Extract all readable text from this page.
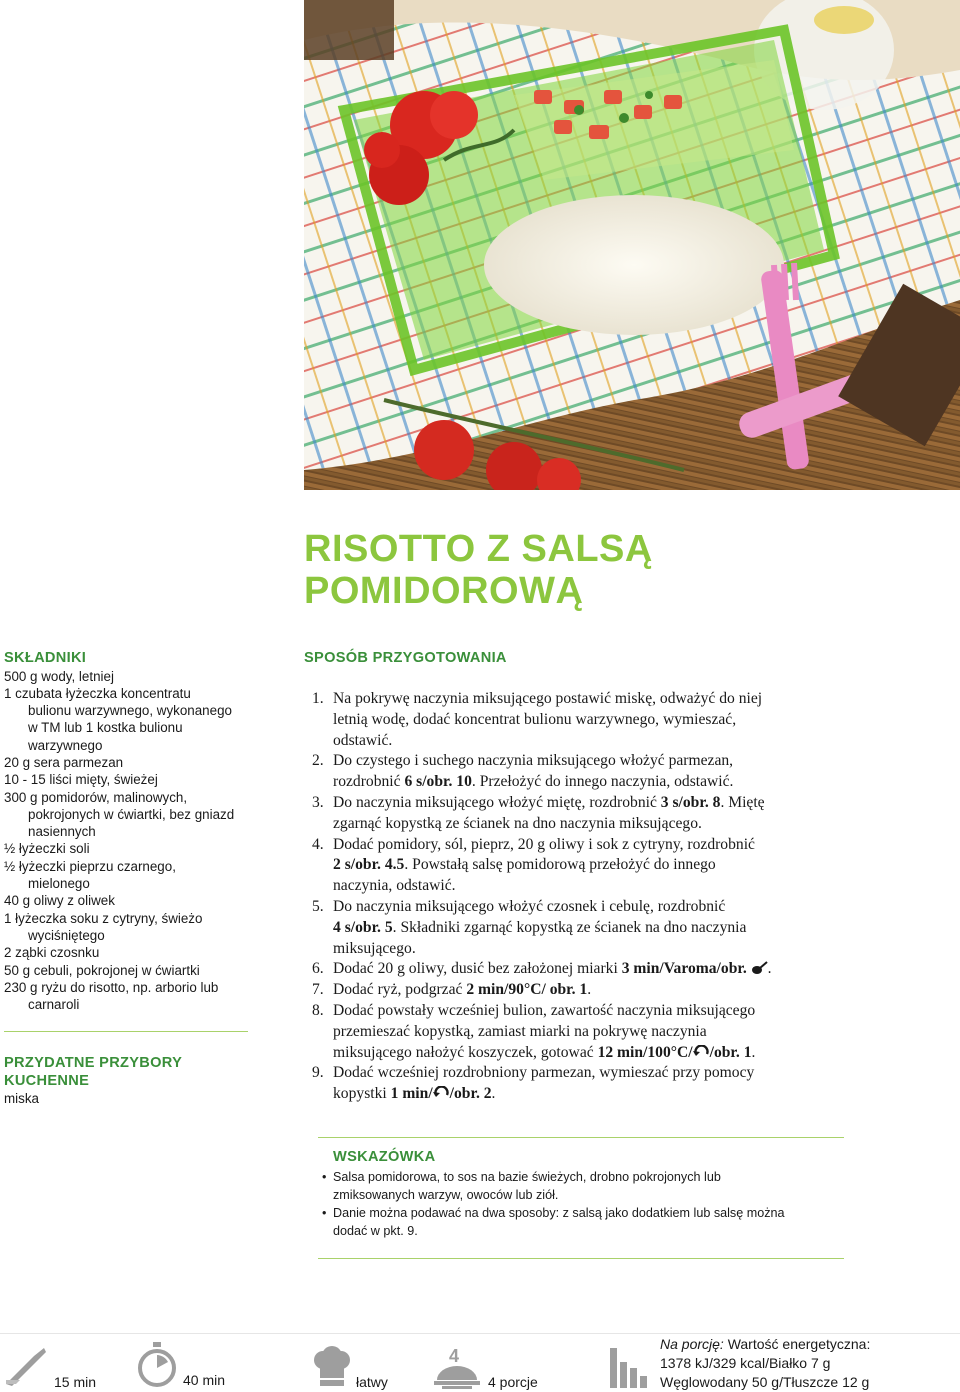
RISOTTO Z SALSĄ
POMIDOROWĄ
SKŁADNIKI
500 g wody, letniej
1 czubata łyżeczka koncentratu
bulionu warzywnego, wykonanego
w TM lub 1 kostka bulionu
warzywnego
20 g sera parmezan
10 - 15 liści mięty, świeżej
300 g pomidorów, malinowych,
pokrojonych w ćwiartki, bez gniazd
nasiennych
½ łyżeczki soli
½ łyżeczki pieprzu czarnego,
mielonego
40 g oliwy z oliwek
1 łyżeczka soku z cytryny, świeżo
wyciśniętego
2 ząbki czosnku
50 g cebuli, pokrojonej w ćwiartki
230 g ryżu do risotto, np. arborio lub
carnaroli
PRZYDATNE PRZYBORY
KUCHENNE
miska
SPOSÓB PRZYGOTOWANIA
1. Na pokrywę naczynia miksującego postawić miskę, odważyć do niej
letnią wodę, dodać koncentrat bulionu warzywnego, wymieszać,
odstawić.
2. Do czystego i suchego naczynia miksującego włożyć parmezan,
rozdrobnić 6 s/obr. 10. Przełożyć do innego naczynia, odstawić.
3. Do naczynia miksującego włożyć miętę, rozdrobnić 3 s/obr. 8. Miętę
zgarnąć kopystką ze ścianek na dno naczynia miksującego.
4. Dodać pomidory, sól, pieprz, 20 g oliwy i sok z cytryny, rozdrobnić
2 s/obr. 4.5. Powstałą salsę pomidorową przełożyć do innego
naczynia, odstawić.
5. Do naczynia miksującego włożyć czosnek i cebulę, rozdrobnić
4 s/obr. 5. Składniki zgarnąć kopystką ze ścianek na dno naczynia
miksującego.
6. Dodać 20 g oliwy, dusić bez założonej miarki 3 min/Varoma/obr. .
7. Dodać ryż, podgrzać 2 min/90°C/ obr. 1.
8. Dodać powstały wcześniej bulion, zawartość naczynia miksującego
przemieszać kopystką, zamiast miarki na pokrywę naczynia
miksującego nałożyć koszyczek, gotować 12 min/100°C/ /obr. 1.
9. Dodać wcześniej rozdrobniony parmezan, wymieszać przy pomocy
kopystki 1 min/ /obr. 2.
WSKAZÓWKA
• Salsa pomidorowa, to sos na bazie świeżych, drobno pokrojonych lub
zmiksowanych warzyw, owoców lub ziół.
• Danie można podawać na dwa sposoby: z salsą jako dodatkiem lub salsę można
dodać w pkt. 9.
15 min	40 min	łatwy
4
4 porcje
Na porcję: Wartość energetyczna:
1378 kJ/329 kcal/Białko 7 g
Węglowodany 50 g/Tłuszcze 12 g
